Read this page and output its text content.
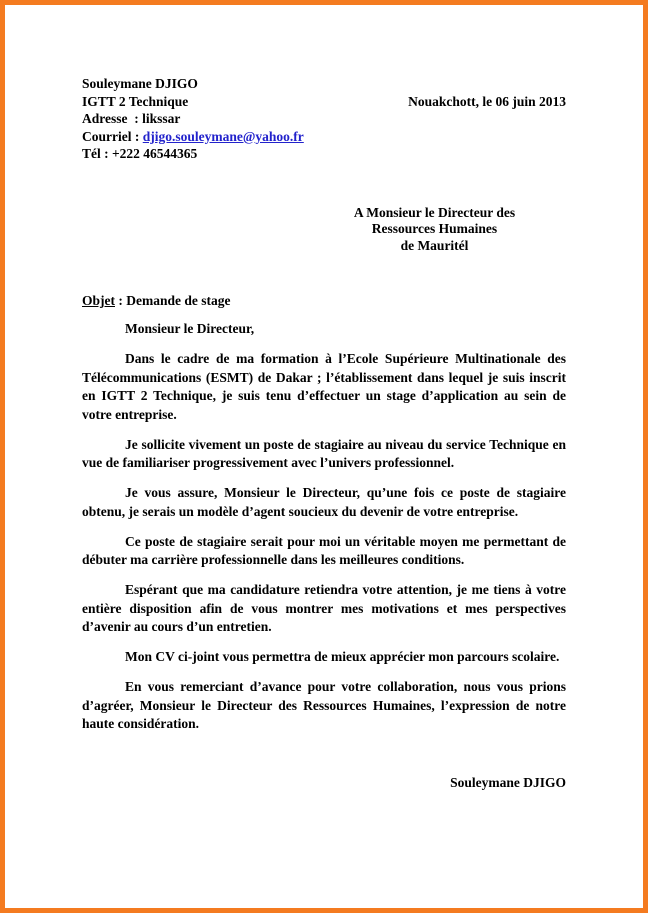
Souleymane DJIGO
IGTT 2 Technique
Adresse  : likssar
Courriel : djigo.souleymane@yahoo.fr
Tél : +222 46544365
Nouakchott, le 06 juin 2013
A Monsieur le Directeur des
Ressources Humaines
de Mauritél
Objet : Demande de stage
Monsieur le Directeur,

Dans le cadre de ma formation à l’Ecole Supérieure Multinationale des Télécommunications (ESMT) de Dakar ; l’établissement dans lequel je suis inscrit en IGTT 2 Technique, je suis tenu d’effectuer un stage d’application au sein de votre entreprise.

Je sollicite vivement un poste de stagiaire au niveau du service Technique en vue de familiariser progressivement avec l’univers professionnel.

Je vous assure, Monsieur le Directeur, qu’une fois ce poste de stagiaire obtenu, je serais un modèle d’agent soucieux du devenir de votre entreprise.

Ce poste de stagiaire serait pour moi un véritable moyen me permettant de débuter ma carrière professionnelle dans les meilleures conditions.

Espérant que ma candidature retiendra votre attention, je me tiens à votre entière disposition afin de vous montrer mes motivations et mes perspectives d’avenir au cours d’un entretien.

Mon CV ci-joint vous permettra de mieux apprécier mon parcours scolaire.

En vous remerciant d’avance pour votre collaboration, nous vous prions d’agréer, Monsieur le Directeur des Ressources Humaines, l’expression de notre haute considération.

Souleymane DJIGO
